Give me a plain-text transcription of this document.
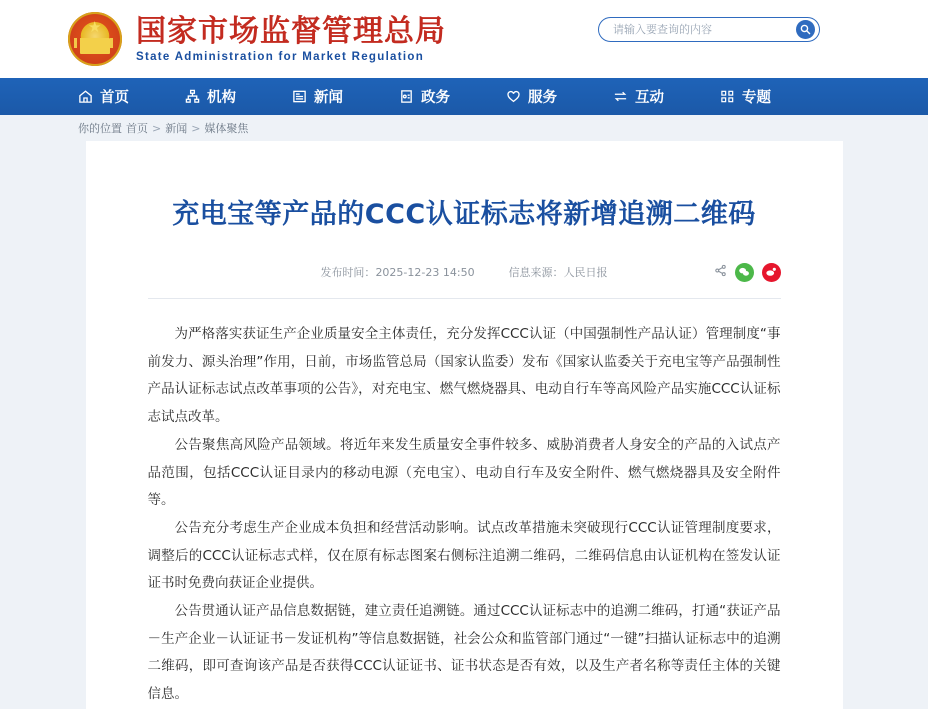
国家市场监督管理总局
State Administration for Market Regulation
请输入要查询的内容
首页	机构	新闻	政务	服务	互动	专题
你的位置 首页 > 新闻 > 媒体聚焦
充电宝等产品的CCC认证标志将新增追溯二维码
发布时间：2025-12-23 14:50	信息来源：人民日报

为严格落实获证生产企业质量安全主体责任，充分发挥CCC认证（中国强制性产品认证）管理制度“事前发力、源头治理”作用，日前，市场监管总局（国家认监委）发布《国家认监委关于充电宝等产品强制性产品认证标志试点改革事项的公告》，对充电宝、燃气燃烧器具、电动自行车等高风险产品实施CCC认证标志试点改革。

公告聚焦高风险产品领域。将近年来发生质量安全事件较多、威胁消费者人身安全的产品的入试点产品范围，包括CCC认证目录内的移动电源（充电宝）、电动自行车及安全附件、燃气燃烧器具及安全附件等。

公告充分考虑生产企业成本负担和经营活动影响。试点改革措施未突破现行CCC认证管理制度要求，调整后的CCC认证标志式样，仅在原有标志图案右侧标注追溯二维码，二维码信息由认证机构在签发认证证书时免费向获证企业提供。

公告贯通认证产品信息数据链，建立责任追溯链。通过CCC认证标志中的追溯二维码，打通“获证产品－生产企业－认证证书－发证机构”等信息数据链，社会公众和监管部门通过“一键”扫描认证标志中的追溯二维码，即可查询该产品是否获得CCC认证证书、证书状态是否有效，以及生产者名称等责任主体的关键信息。
